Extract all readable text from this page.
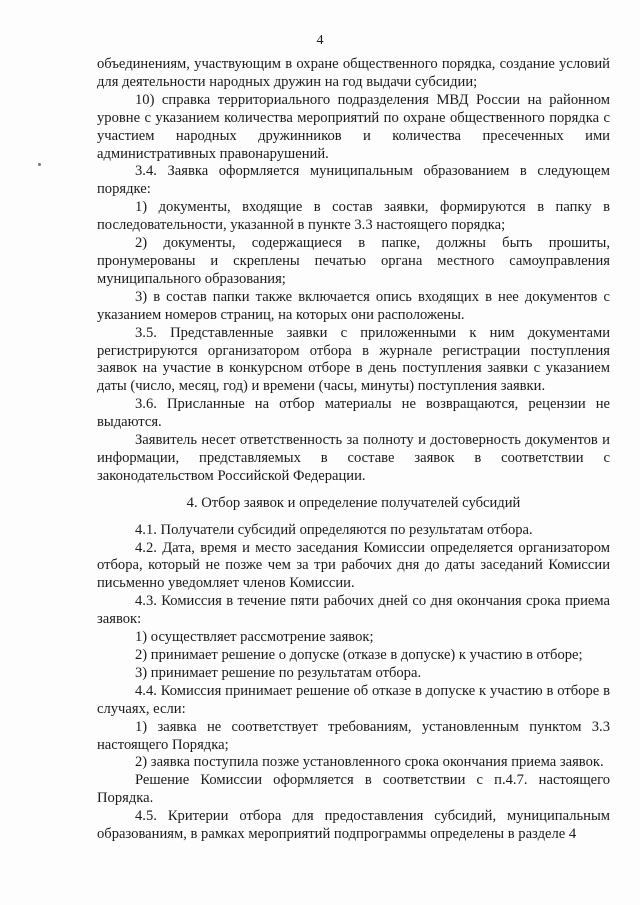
4

объединениям, участвующим в охране общественного порядка, создание условий для деятельности народных дружин на год выдачи субсидии;

10) справка территориального подразделения МВД России на районном уровне с указанием количества мероприятий по охране общественного порядка с участием народных дружинников и количества пресеченных ими административных правонарушений.

3.4. Заявка оформляется муниципальным образованием в следующем порядке:

1) документы, входящие в состав заявки, формируются в папку в последовательности, указанной в пункте 3.3 настоящего порядка;

2) документы, содержащиеся в папке, должны быть прошиты, пронумерованы и скреплены печатью органа местного самоуправления муниципального образования;

3) в состав папки также включается опись входящих в нее документов с указанием номеров страниц, на которых они расположены.

3.5. Представленные заявки с приложенными к ним документами регистрируются организатором отбора в журнале регистрации поступления заявок на участие в конкурсном отборе в день поступления заявки с указанием даты (число, месяц, год) и времени (часы, минуты) поступления заявки.

3.6. Присланные на отбор материалы не возвращаются, рецензии не выдаются.

Заявитель несет ответственность за полноту и достоверность документов и информации, представляемых в составе заявок в соответствии с законодательством Российской Федерации.

4. Отбор заявок и определение получателей субсидий

4.1. Получатели субсидий определяются по результатам отбора.

4.2. Дата, время и место заседания Комиссии определяется организатором отбора, который не позже чем за три рабочих дня до даты заседаний Комиссии письменно уведомляет членов Комиссии.

4.3. Комиссия в течение пяти рабочих дней со дня окончания срока приема заявок:

1) осуществляет рассмотрение заявок;

2) принимает решение о допуске (отказе в допуске) к участию в отборе;

3) принимает решение по результатам отбора.

4.4. Комиссия принимает решение об отказе в допуске к участию в отборе в случаях, если:

1) заявка не соответствует требованиям, установленным пунктом 3.3 настоящего Порядка;

2) заявка поступила позже установленного срока окончания приема заявок.

Решение Комиссии оформляется в соответствии с п.4.7. настоящего Порядка.

4.5. Критерии отбора для предоставления субсидий, муниципальным образованиям, в рамках мероприятий подпрограммы определены в разделе 4
